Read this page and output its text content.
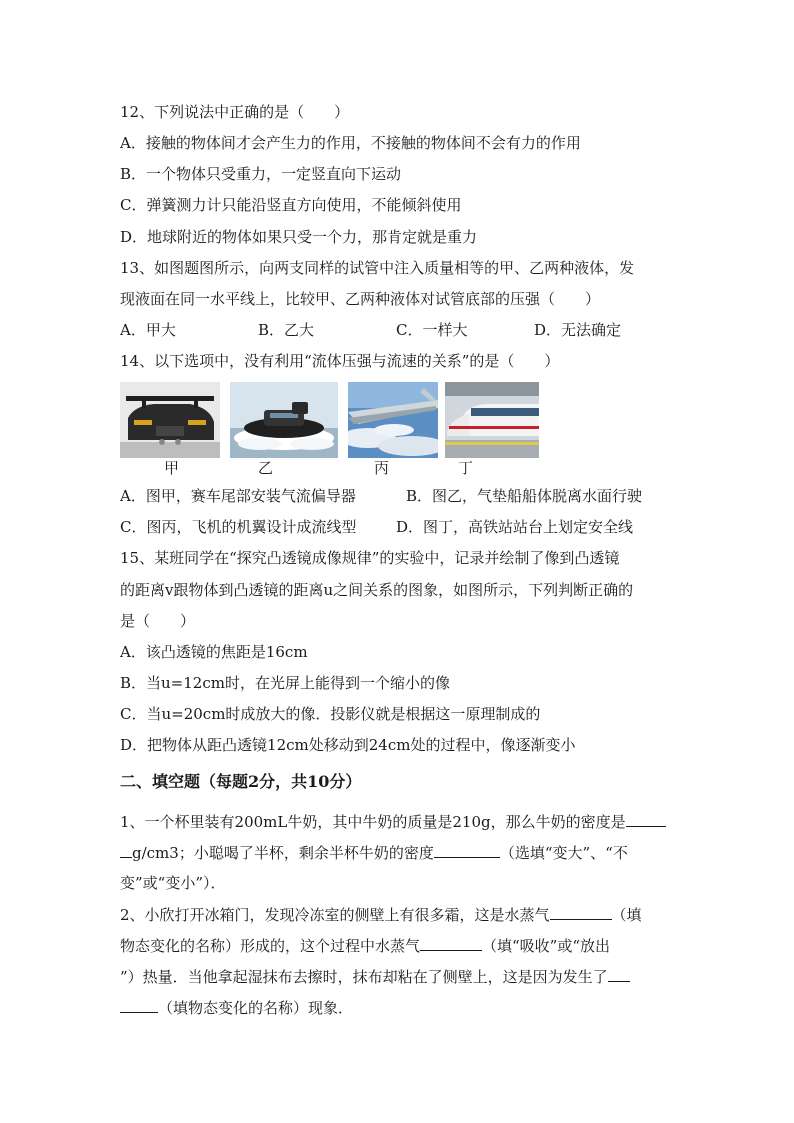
12、下列说法中正确的是（　　）
A．接触的物体间才会产生力的作用，不接触的物体间不会有力的作用
B．一个物体只受重力，一定竖直向下运动
C．弹簧测力计只能沿竖直方向使用，不能倾斜使用
D．地球附近的物体如果只受一个力，那肯定就是重力
13、如图题图所示，向两支同样的试管中注入质量相等的甲、乙两种液体，发
现液面在同一水平线上，比较甲、乙两种液体对试管底部的压强（　　）
A．甲大	B．乙大	C．一样大	D．无法确定
14、以下选项中，没有利用“流体压强与流速的关系”的是（　　）
甲	乙	丙	丁
A．图甲，赛车尾部安装气流偏导器	B．图乙，气垫船船体脱离水面行驶
C．图丙，飞机的机翼设计成流线型	D．图丁，高铁站站台上划定安全线
15、某班同学在“探究凸透镜成像规律”的实验中，记录并绘制了像到凸透镜
的距离v跟物体到凸透镜的距离u之间关系的图象，如图所示，下列判断正确的
是（　　）
A．该凸透镜的焦距是16cm
B．当u=12cm时，在光屏上能得到一个缩小的像
C．当u=20cm时成放大的像．投影仪就是根据这一原理制成的
D．把物体从距凸透镜12cm处移动到24cm处的过程中，像逐渐变小
二、填空题（每题2分，共10分）
1、一个杯里装有200mL牛奶，其中牛奶的质量是210g，那么牛奶的密度是
g/cm3；小聪喝了半杯，剩余半杯牛奶的密度	（选填“变大”、“不
变”或“变小”）．
2、小欣打开冰箱门，发现冷冻室的侧壁上有很多霜，这是水蒸气	（填
物态变化的名称）形成的，这个过程中水蒸气	（填“吸收”或“放出
”）热量．当他拿起湿抹布去擦时，抹布却粘在了侧壁上，这是因为发生了
（填物态变化的名称）现象．
